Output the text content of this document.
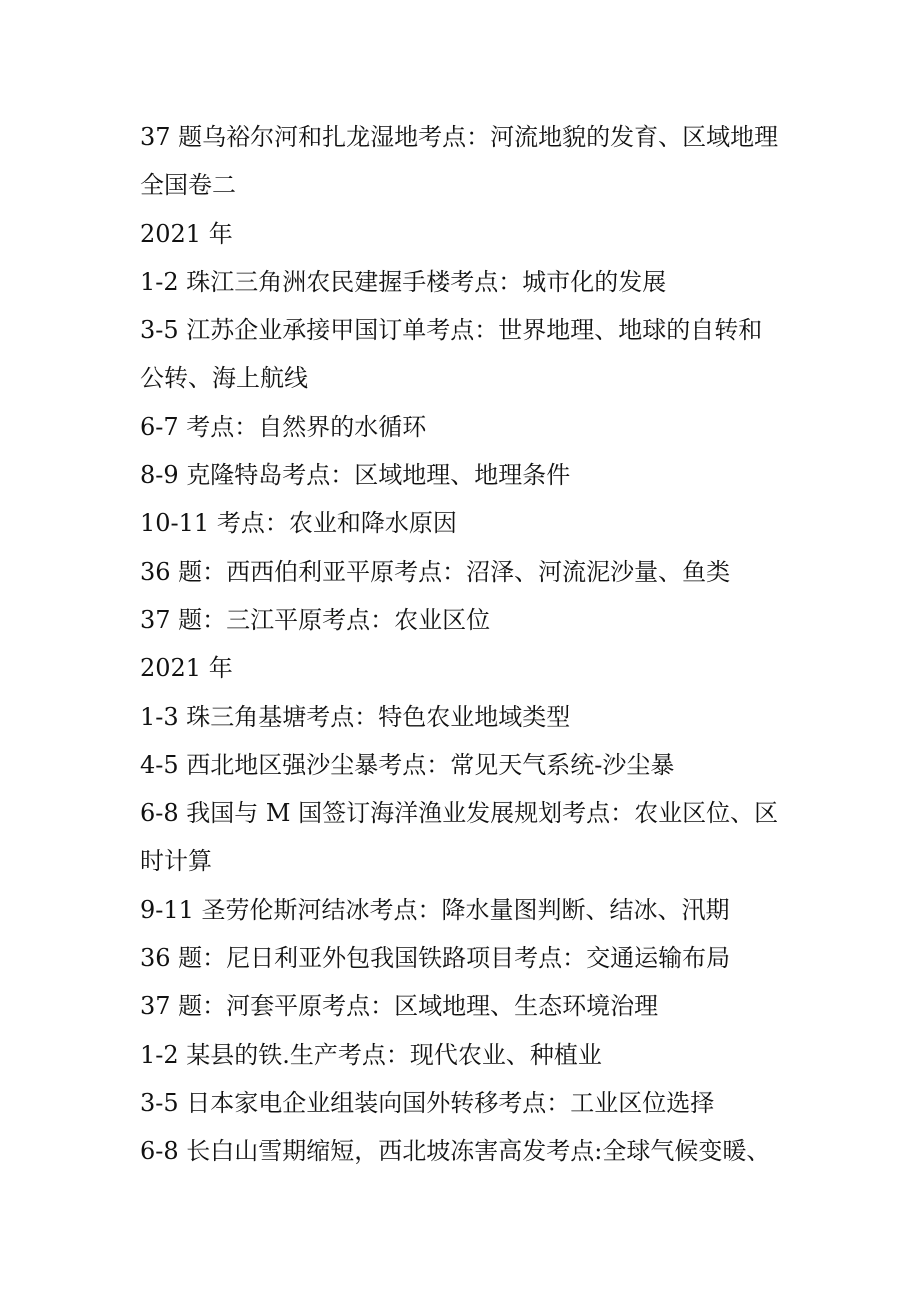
37 题乌裕尔河和扎龙湿地考点：河流地貌的发育、区域地理
全国卷二
2021 年
1-2 珠江三角洲农民建握手楼考点：城市化的发展
3-5 江苏企业承接甲国订单考点：世界地理、地球的自转和
公转、海上航线
6-7 考点：自然界的水循环
8-9 克隆特岛考点：区域地理、地理条件
10-11 考点：农业和降水原因
36 题：西西伯利亚平原考点：沼泽、河流泥沙量、鱼类
37 题：三江平原考点：农业区位
2021 年
1-3 珠三角基塘考点：特色农业地域类型
4-5 西北地区强沙尘暴考点：常见天气系统-沙尘暴
6-8 我国与 M 国签订海洋渔业发展规划考点：农业区位、区
时计算
9-11 圣劳伦斯河结冰考点：降水量图判断、结冰、汛期
36 题：尼日利亚外包我国铁路项目考点：交通运输布局
37 题：河套平原考点：区域地理、生态环境治理
1-2 某县的铁.生产考点：现代农业、种植业
3-5 日本家电企业组装向国外转移考点：工业区位选择
6-8 长白山雪期缩短，西北坡冻害高发考点:全球气候变暖、
